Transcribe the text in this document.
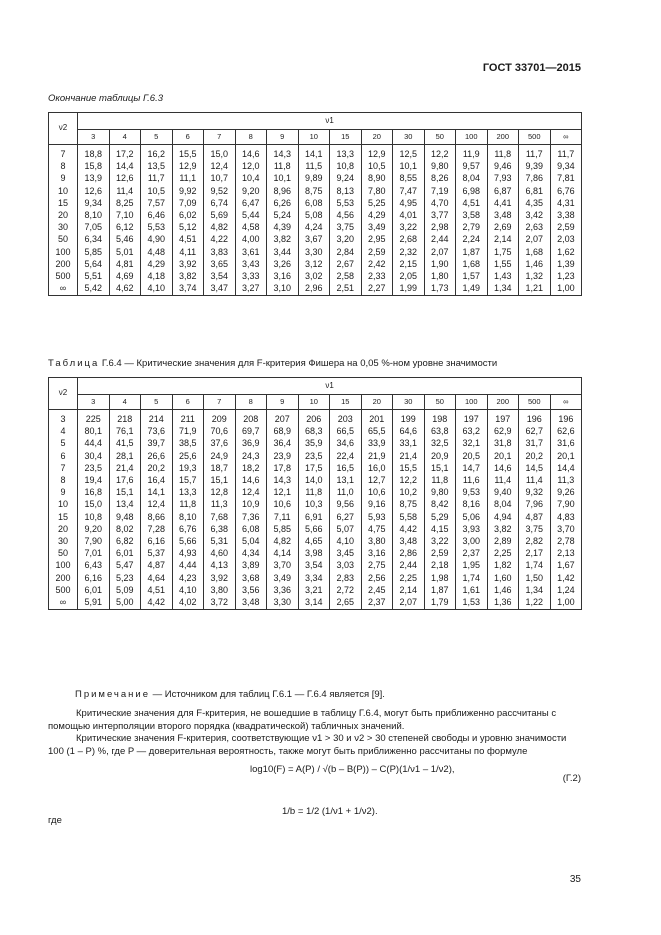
ГОСТ 33701—2015
Окончание таблицы Г.6.3
ν2	ν1															
	3	4	5	6	7	8	9	10	15	20	30	50	100	200	500	∞
7	18,8	17,2	16,2	15,5	15,0	14,6	14,3	14,1	13,3	12,9	12,5	12,2	11,9	11,8	11,7	11,7
8	15,8	14,4	13,5	12,9	12,4	12,0	11,8	11,5	10,8	10,5	10,1	9,80	9,57	9,46	9,39	9,34
9	13,9	12,6	11,7	11,1	10,7	10,4	10,1	9,89	9,24	8,90	8,55	8,26	8,04	7,93	7,86	7,81
10	12,6	11,4	10,5	9,92	9,52	9,20	8,96	8,75	8,13	7,80	7,47	7,19	6,98	6,87	6,81	6,76
15	9,34	8,25	7,57	7,09	6,74	6,47	6,26	6,08	5,53	5,25	4,95	4,70	4,51	4,41	4,35	4,31
20	8,10	7,10	6,46	6,02	5,69	5,44	5,24	5,08	4,56	4,29	4,01	3,77	3,58	3,48	3,42	3,38
30	7,05	6,12	5,53	5,12	4,82	4,58	4,39	4,24	3,75	3,49	3,22	2,98	2,79	2,69	2,63	2,59
50	6,34	5,46	4,90	4,51	4,22	4,00	3,82	3,67	3,20	2,95	2,68	2,44	2,24	2,14	2,07	2,03
100	5,85	5,01	4,48	4,11	3,83	3,61	3,44	3,30	2,84	2,59	2,32	2,07	1,87	1,75	1,68	1,62
200	5,64	4,81	4,29	3,92	3,65	3,43	3,26	3,12	2,67	2,42	2,15	1,90	1,68	1,55	1,46	1,39
500	5,51	4,69	4,18	3,82	3,54	3,33	3,16	3,02	2,58	2,33	2,05	1,80	1,57	1,43	1,32	1,23
∞	5,42	4,62	4,10	3,74	3,47	3,27	3,10	2,96	2,51	2,27	1,99	1,73	1,49	1,34	1,21	1,00
Таблица Г.6.4 — Критические значения для F-критерия Фишера на 0,05 %-ном уровне значимости
ν2	ν1															
	3	4	5	6	7	8	9	10	15	20	30	50	100	200	500	∞
3	225	218	214	211	209	208	207	206	203	201	199	198	197	197	196	196
4	80,1	76,1	73,6	71,9	70,6	69,7	68,9	68,3	66,5	65,5	64,6	63,8	63,2	62,9	62,7	62,6
5	44,4	41,5	39,7	38,5	37,6	36,9	36,4	35,9	34,6	33,9	33,1	32,5	32,1	31,8	31,7	31,6
6	30,4	28,1	26,6	25,6	24,9	24,3	23,9	23,5	22,4	21,9	21,4	20,9	20,5	20,1	20,2	20,1
7	23,5	21,4	20,2	19,3	18,7	18,2	17,8	17,5	16,5	16,0	15,5	15,1	14,7	14,6	14,5	14,4
8	19,4	17,6	16,4	15,7	15,1	14,6	14,3	14,0	13,1	12,7	12,2	11,8	11,6	11,4	11,4	11,3
9	16,8	15,1	14,1	13,3	12,8	12,4	12,1	11,8	11,0	10,6	10,2	9,80	9,53	9,40	9,32	9,26
10	15,0	13,4	12,4	11,8	11,3	10,9	10,6	10,3	9,56	9,16	8,75	8,42	8,16	8,04	7,96	7,90
15	10,8	9,48	8,66	8,10	7,68	7,36	7,11	6,91	6,27	5,93	5,58	5,29	5,06	4,94	4,87	4,83
20	9,20	8,02	7,28	6,76	6,38	6,08	5,85	5,66	5,07	4,75	4,42	4,15	3,93	3,82	3,75	3,70
30	7,90	6,82	6,16	5,66	5,31	5,04	4,82	4,65	4,10	3,80	3,48	3,22	3,00	2,89	2,82	2,78
50	7,01	6,01	5,37	4,93	4,60	4,34	4,14	3,98	3,45	3,16	2,86	2,59	2,37	2,25	2,17	2,13
100	6,43	5,47	4,87	4,44	4,13	3,89	3,70	3,54	3,03	2,75	2,44	2,18	1,95	1,82	1,74	1,67
200	6,16	5,23	4,64	4,23	3,92	3,68	3,49	3,34	2,83	2,56	2,25	1,98	1,74	1,60	1,50	1,42
500	6,01	5,09	4,51	4,10	3,80	3,56	3,36	3,21	2,72	2,45	2,14	1,87	1,61	1,46	1,34	1,24
∞	5,91	5,00	4,42	4,02	3,72	3,48	3,30	3,14	2,65	2,37	2,07	1,79	1,53	1,36	1,22	1,00
Примечание — Источником для таблиц Г.6.1 — Г.6.4 является [9].
Критические значения для F-критерия, не вошедшие в таблицу Г.6.4, могут быть приближенно рассчитаны с помощью интерполяции второго порядка (квадратической) табличных значений.
Критические значения F-критерия, соответствующие ν1 > 30 и ν2 > 30 степеней свободы и уровню значимости 100 (1 – P) %, где P — доверительная вероятность, также могут быть приближенно рассчитаны по формуле
log10(F) = A(P) / √(b – B(P)) – C(P)(1/ν1 – 1/ν2),
(Г.2)
где
1/b = 1/2 (1/ν1 + 1/ν2).
35
